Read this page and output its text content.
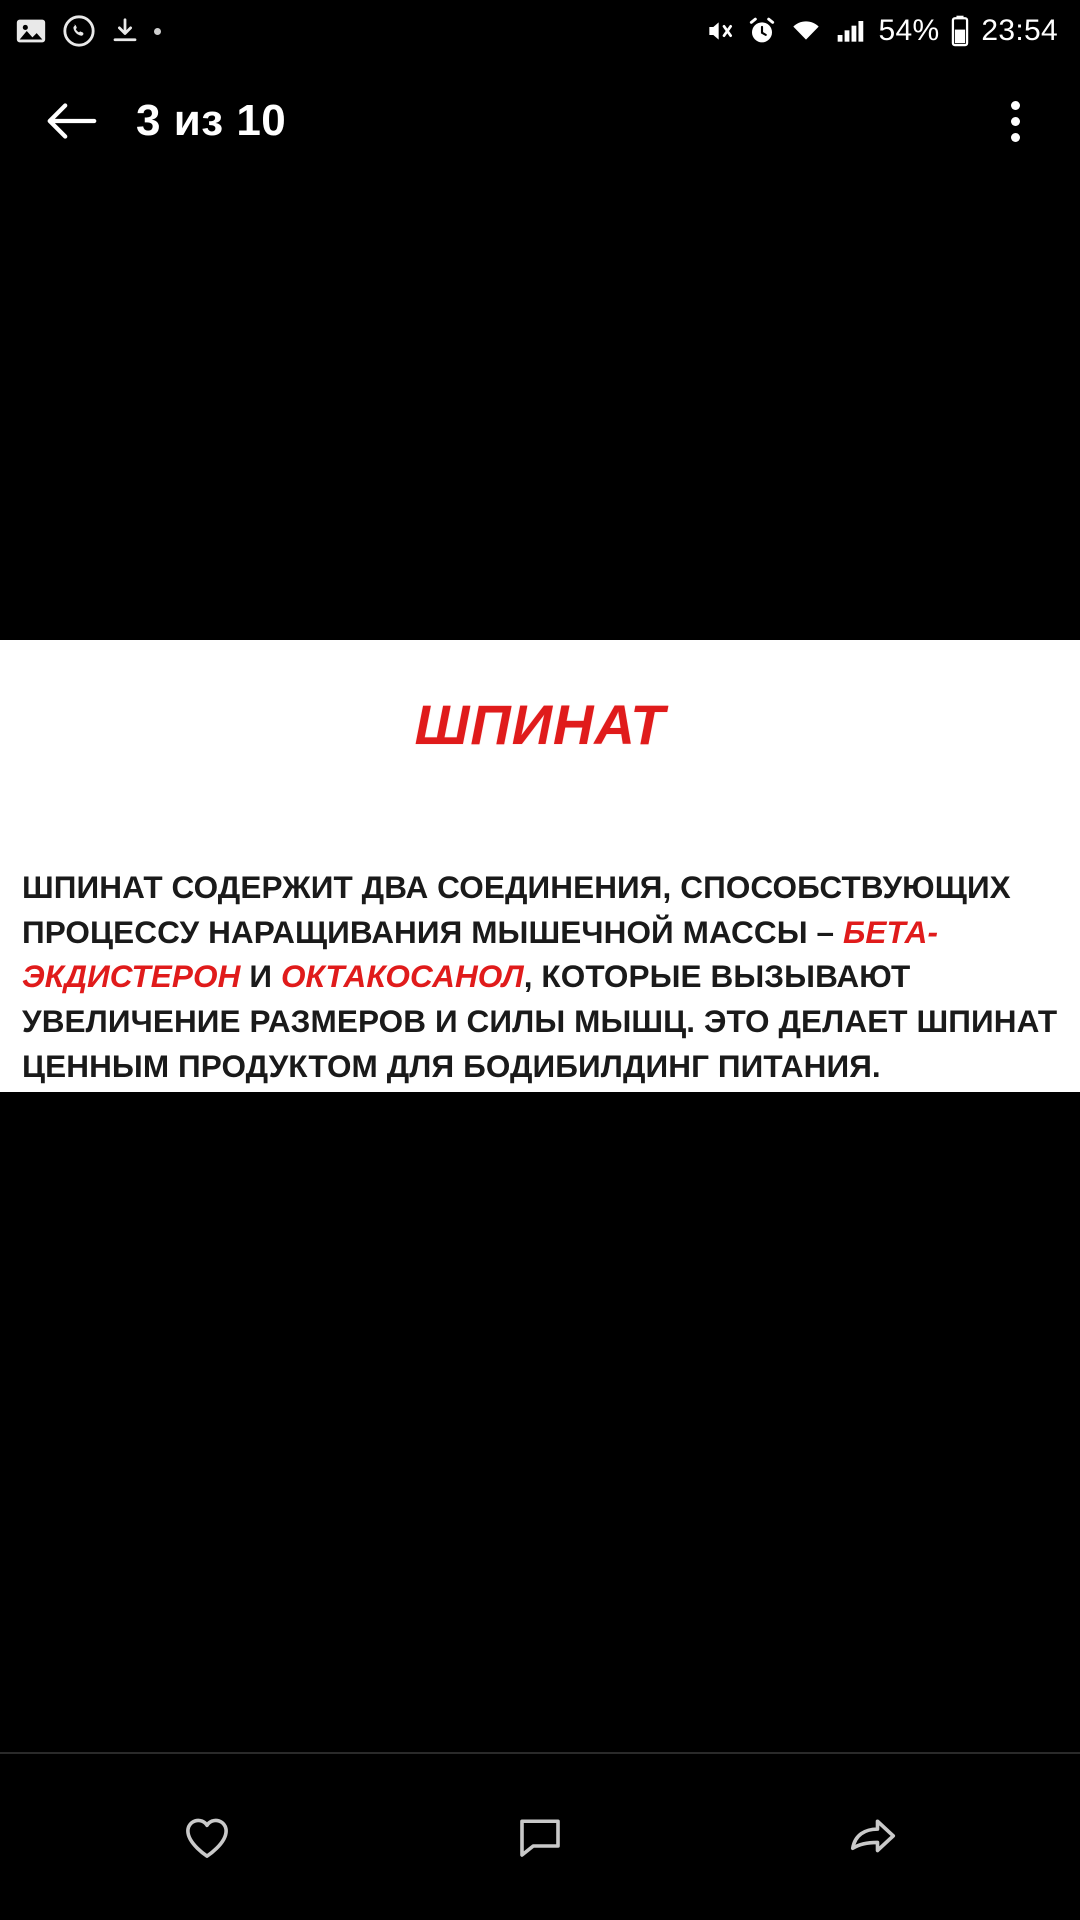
54% 23:54
3 из 10
ШПИНАТ

ШПИНАТ СОДЕРЖИТ ДВА СОЕДИНЕНИЯ, СПОСОБСТВУЮЩИХ ПРОЦЕССУ НАРАЩИВАНИЯ МЫШЕЧНОЙ МАССЫ – БЕТА-ЭКДИСТЕРОН И ОКТАКОСАНОЛ, КОТОРЫЕ ВЫЗЫВАЮТ УВЕЛИЧЕНИЕ РАЗМЕРОВ И СИЛЫ МЫШЦ. ЭТО ДЕЛАЕТ ШПИНАТ ЦЕННЫМ ПРОДУКТОМ ДЛЯ БОДИБИЛДИНГ ПИТАНИЯ.
